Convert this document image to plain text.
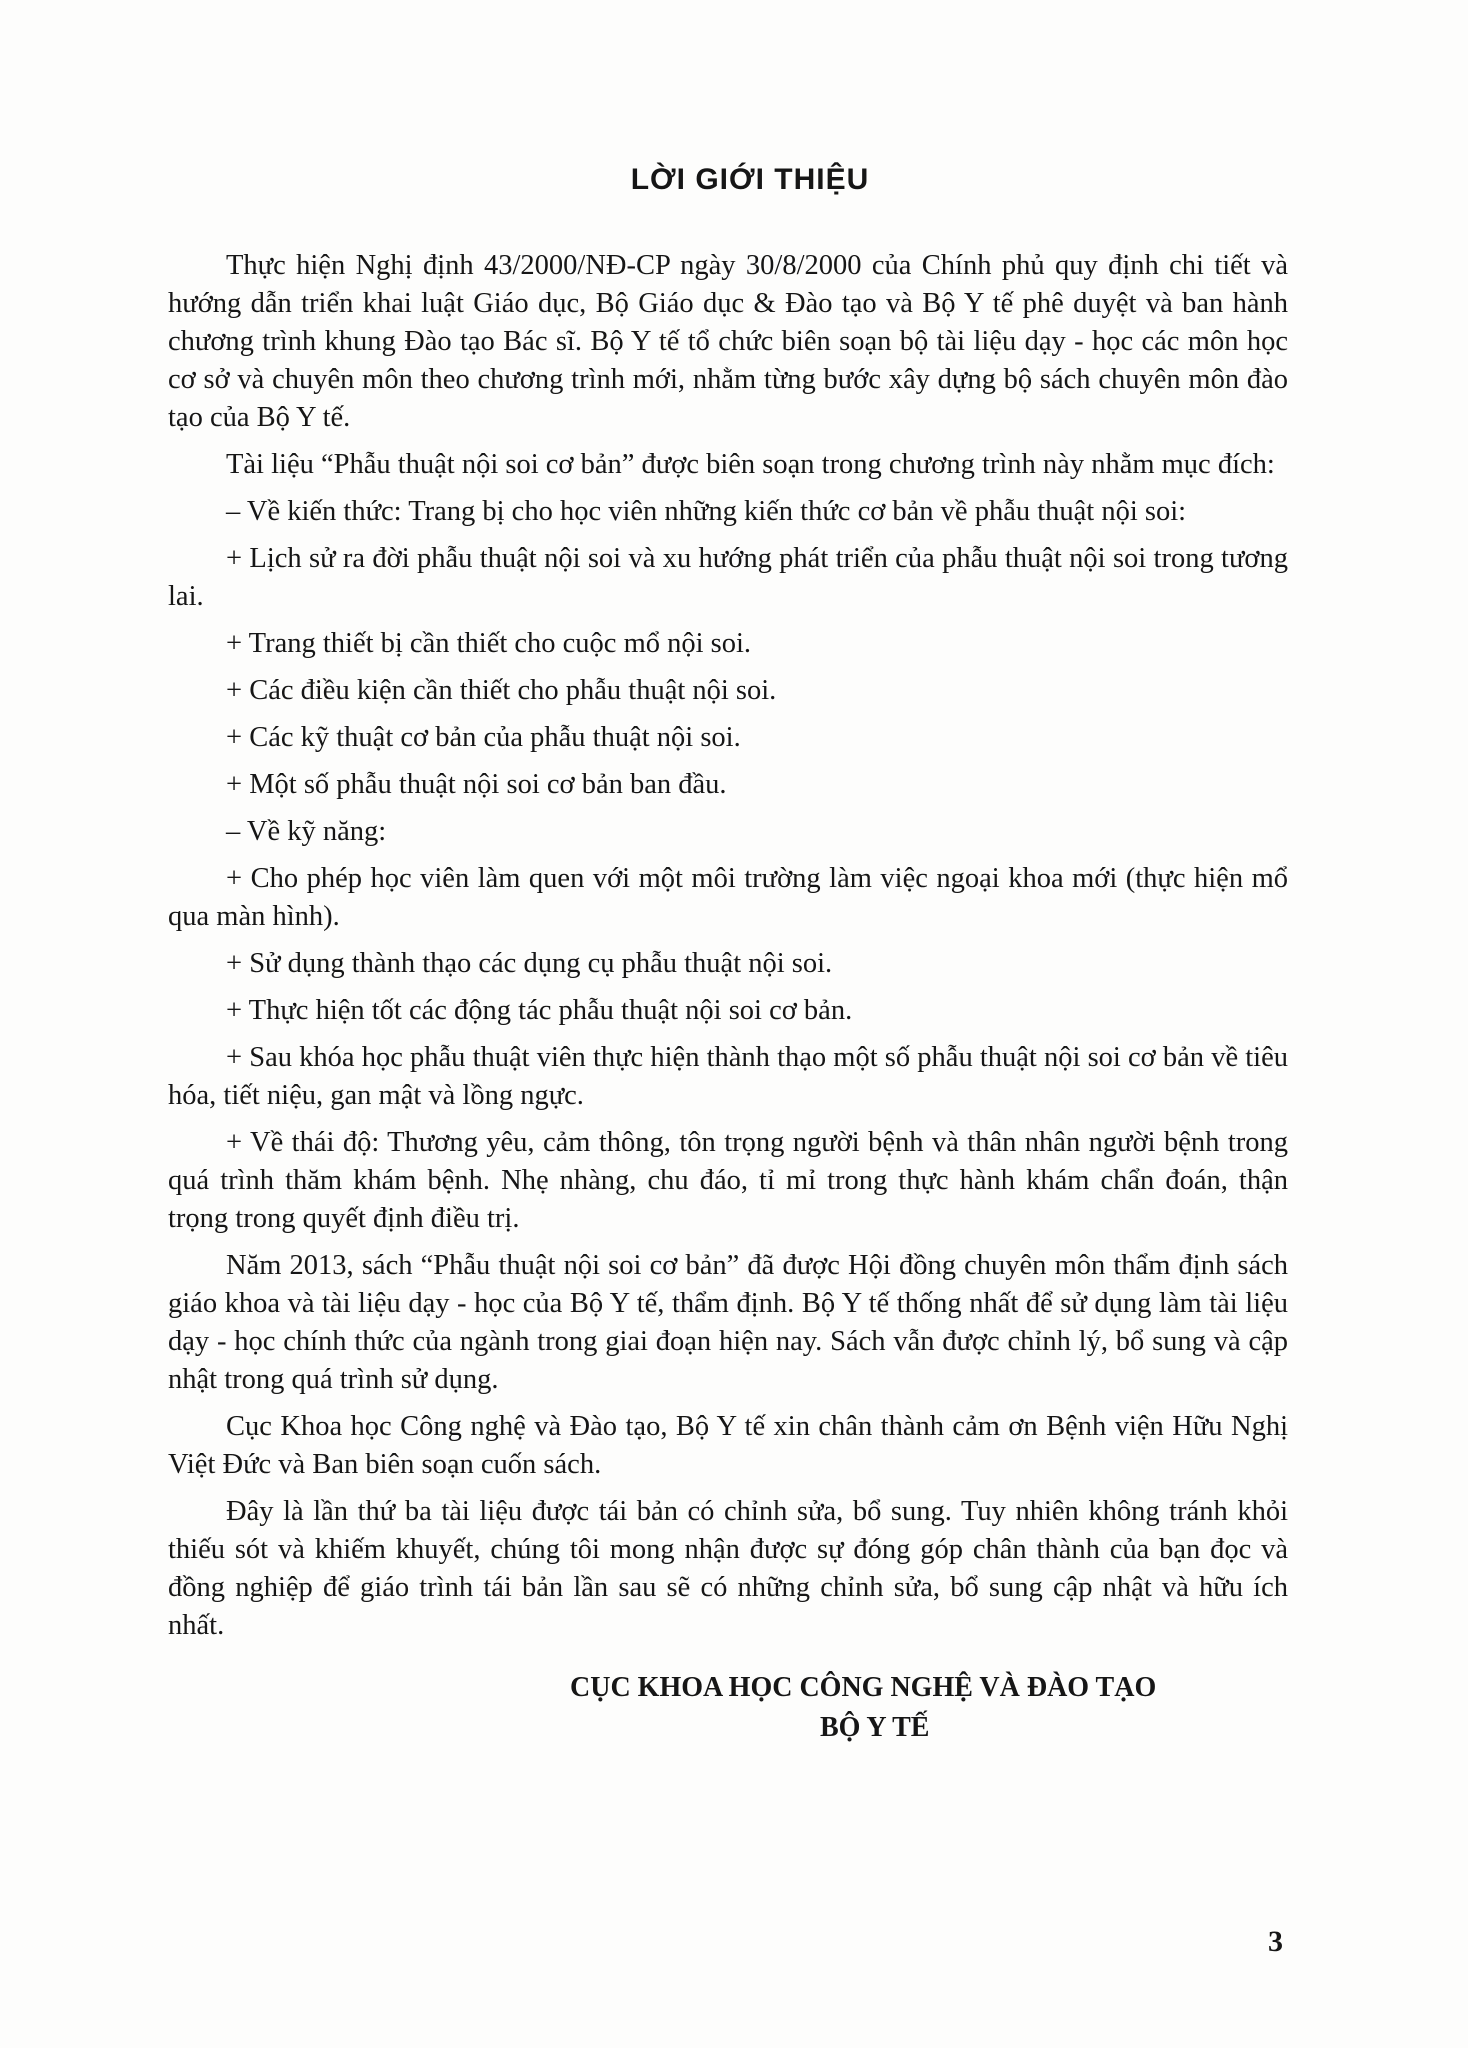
LỜI GIỚI THIỆU

Thực hiện Nghị định 43/2000/NĐ-CP ngày 30/8/2000 của Chính phủ quy định chi tiết và hướng dẫn triển khai luật Giáo dục, Bộ Giáo dục & Đào tạo và Bộ Y tế phê duyệt và ban hành chương trình khung Đào tạo Bác sĩ. Bộ Y tế tổ chức biên soạn bộ tài liệu dạy - học các môn học cơ sở và chuyên môn theo chương trình mới, nhằm từng bước xây dựng bộ sách chuyên môn đào tạo của Bộ Y tế.

Tài liệu “Phẫu thuật nội soi cơ bản” được biên soạn trong chương trình này nhằm mục đích:

– Về kiến thức: Trang bị cho học viên những kiến thức cơ bản về phẫu thuật nội soi:

+ Lịch sử ra đời phẫu thuật nội soi và xu hướng phát triển của phẫu thuật nội soi trong tương lai.

+ Trang thiết bị cần thiết cho cuộc mổ nội soi.

+ Các điều kiện cần thiết cho phẫu thuật nội soi.

+ Các kỹ thuật cơ bản của phẫu thuật nội soi.

+ Một số phẫu thuật nội soi cơ bản ban đầu.

– Về kỹ năng:

+ Cho phép học viên làm quen với một môi trường làm việc ngoại khoa mới (thực hiện mổ qua màn hình).

+ Sử dụng thành thạo các dụng cụ phẫu thuật nội soi.

+ Thực hiện tốt các động tác phẫu thuật nội soi cơ bản.

+ Sau khóa học phẫu thuật viên thực hiện thành thạo một số phẫu thuật nội soi cơ bản về tiêu hóa, tiết niệu, gan mật và lồng ngực.

+ Về thái độ: Thương yêu, cảm thông, tôn trọng người bệnh và thân nhân người bệnh trong quá trình thăm khám bệnh. Nhẹ nhàng, chu đáo, tỉ mỉ trong thực hành khám chẩn đoán, thận trọng trong quyết định điều trị.

Năm 2013, sách “Phẫu thuật nội soi cơ bản” đã được Hội đồng chuyên môn thẩm định sách giáo khoa và tài liệu dạy - học của Bộ Y tế, thẩm định. Bộ Y tế thống nhất để sử dụng làm tài liệu dạy - học chính thức của ngành trong giai đoạn hiện nay. Sách vẫn được chỉnh lý, bổ sung và cập nhật trong quá trình sử dụng.

Cục Khoa học Công nghệ và Đào tạo, Bộ Y tế xin chân thành cảm ơn Bệnh viện Hữu Nghị Việt Đức và Ban biên soạn cuốn sách.

Đây là lần thứ ba tài liệu được tái bản có chỉnh sửa, bổ sung. Tuy nhiên không tránh khỏi thiếu sót và khiếm khuyết, chúng tôi mong nhận được sự đóng góp chân thành của bạn đọc và đồng nghiệp để giáo trình tái bản lần sau sẽ có những chỉnh sửa, bổ sung cập nhật và hữu ích nhất.

CỤC KHOA HỌC CÔNG NGHỆ VÀ ĐÀO TẠO
BỘ Y TẾ
3
